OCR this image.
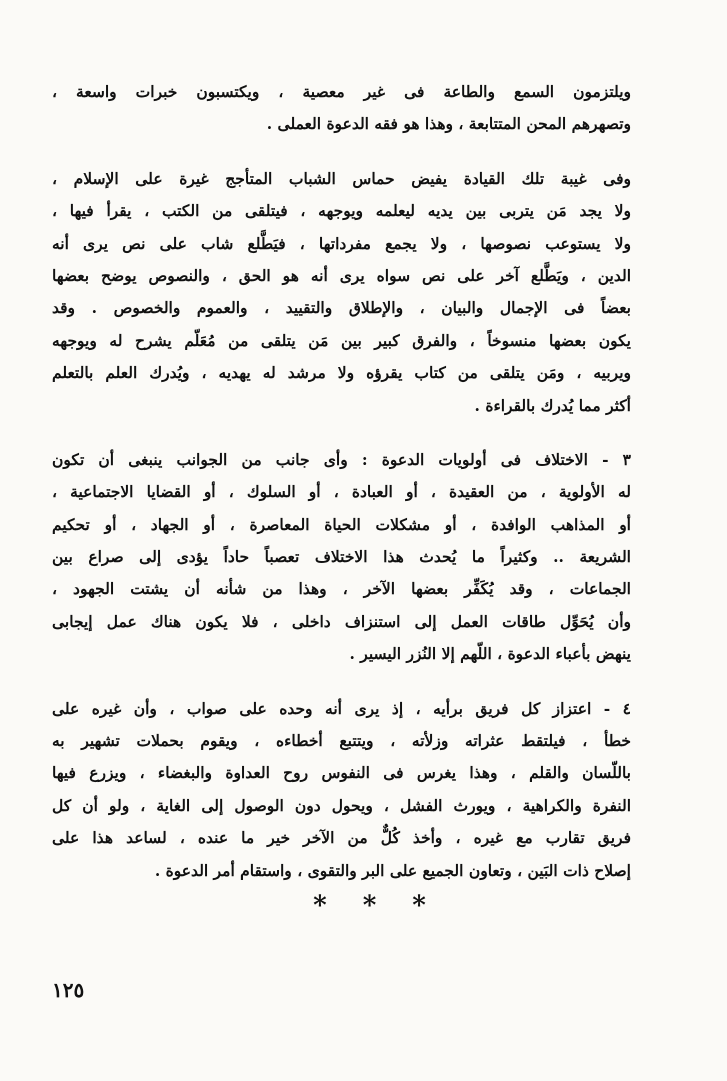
ويلتزمون السمع والطاعة فى غير معصية ، ويكتسبون خبرات واسعة ،
وتصهرهم المحن المتتابعة ، وهذا هو فقه الدعوة العملى .
وفى غيبة تلك القيادة يفيض حماس الشباب المتأجج غيرة على الإسلام ،
ولا يجد مَن يتربى بين يديه ليعلمه ويوجهه ، فيتلقى من الكتب ، يقرأ فيها ،
ولا يستوعب نصوصها ، ولا يجمع مفرداتها ، فيَطَّلع شاب على نص يرى أنه
الدين ، ويَطَّلع آخر على نص سواه يرى أنه هو الحق ، والنصوص يوضح بعضها
بعضاً فى الإجمال والبيان ، والإطلاق والتقييد ، والعموم والخصوص . وقد
يكون بعضها منسوخاً ، والفرق كبير بين مَن يتلقى من مُعَلّم يشرح له ويوجهه
ويربيه ، ومَن يتلقى من كتاب يقرؤه ولا مرشد له يهديه ، ويُدرك العلم بالتعلم
أكثر مما يُدرك بالقراءة .
٣ - الاختلاف فى أولويات الدعوة : وأى جانب من الجوانب ينبغى أن تكون
له الأولوية ، من العقيدة ، أو العبادة ، أو السلوك ، أو القضايا الاجتماعية ،
أو المذاهب الوافدة ، أو مشكلات الحياة المعاصرة ، أو الجهاد ، أو تحكيم
الشريعة .. وكثيراً ما يُحدث هذا الاختلاف تعصباً حاداً يؤدى إلى صراع بين
الجماعات ، وقد يُكَفِّر بعضها الآخر ، وهذا من شأنه أن يشتت الجهود ،
وأن يُحَوِّل طاقات العمل إلى استنزاف داخلى ، فلا يكون هناك عمل إيجابى
ينهض بأعباء الدعوة ، اللّهم إلا النُزر اليسير .
٤ - اعتزاز كل فريق برأيه ، إذ يرى أنه وحده على صواب ، وأن غيره على
خطأ ، فيلتقط عثراته وزلأته ، ويتتبع أخطاءه ، ويقوم بحملات تشهير به
باللّسان والقلم ، وهذا يغرس فى النفوس روح العداوة والبغضاء ، ويزرع فيها
النفرة والكراهية ، ويورث الفشل ، ويحول دون الوصول إلى الغاية ، ولو أن كل
فريق تقارب مع غيره ، وأخذ كُلٌّ من الآخر خير ما عنده ، لساعد هذا على
إصلاح ذات البَين ، وتعاون الجميع على البر والتقوى ، واستقام أمر الدعوة .
* * *
١٢٥
